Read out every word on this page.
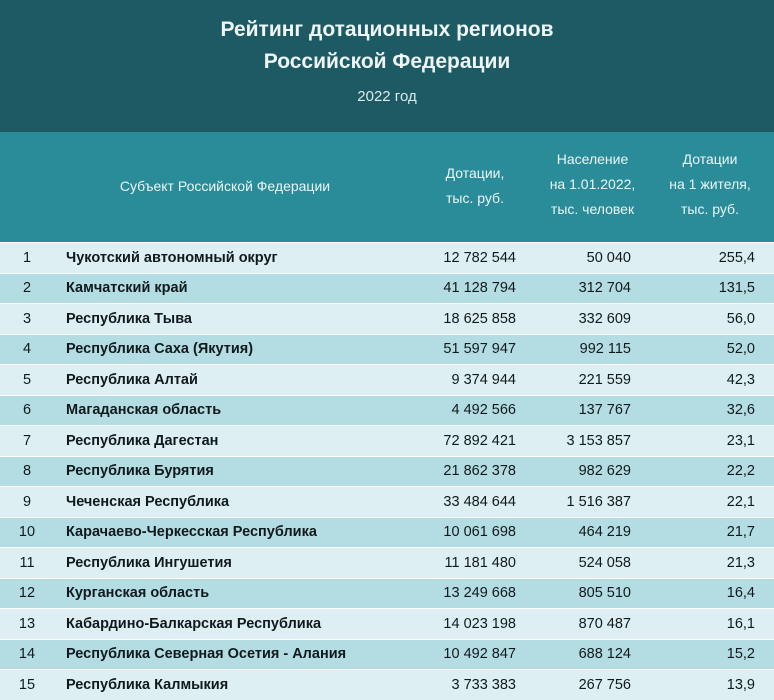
Рейтинг дотационных регионов
Российской Федерации
2022 год
Субъект Российской Федерации
Дотации,
тыс. руб.
Население
на 1.01.2022,
тыс. человек
Дотации
на 1 жителя,
тыс. руб.
1	Чукотский автономный округ	12 782 544	50 040	255,4
2	Камчатский край	41 128 794	312 704	131,5
3	Республика Тыва	18 625 858	332 609	56,0
4	Республика Саха (Якутия)	51 597 947	992 115	52,0
5	Республика Алтай	9 374 944	221 559	42,3
6	Магаданская область	4 492 566	137 767	32,6
7	Республика Дагестан	72 892 421	3 153 857	23,1
8	Республика Бурятия	21 862 378	982 629	22,2
9	Чеченская Республика	33 484 644	1 516 387	22,1
10	Карачаево-Черкесская Республика	10 061 698	464 219	21,7
11	Республика Ингушетия	11 181 480	524 058	21,3
12	Курганская область	13 249 668	805 510	16,4
13	Кабардино-Балкарская Республика	14 023 198	870 487	16,1
14	Республика Северная Осетия - Алания	10 492 847	688 124	15,2
15	Республика Калмыкия	3 733 383	267 756	13,9
